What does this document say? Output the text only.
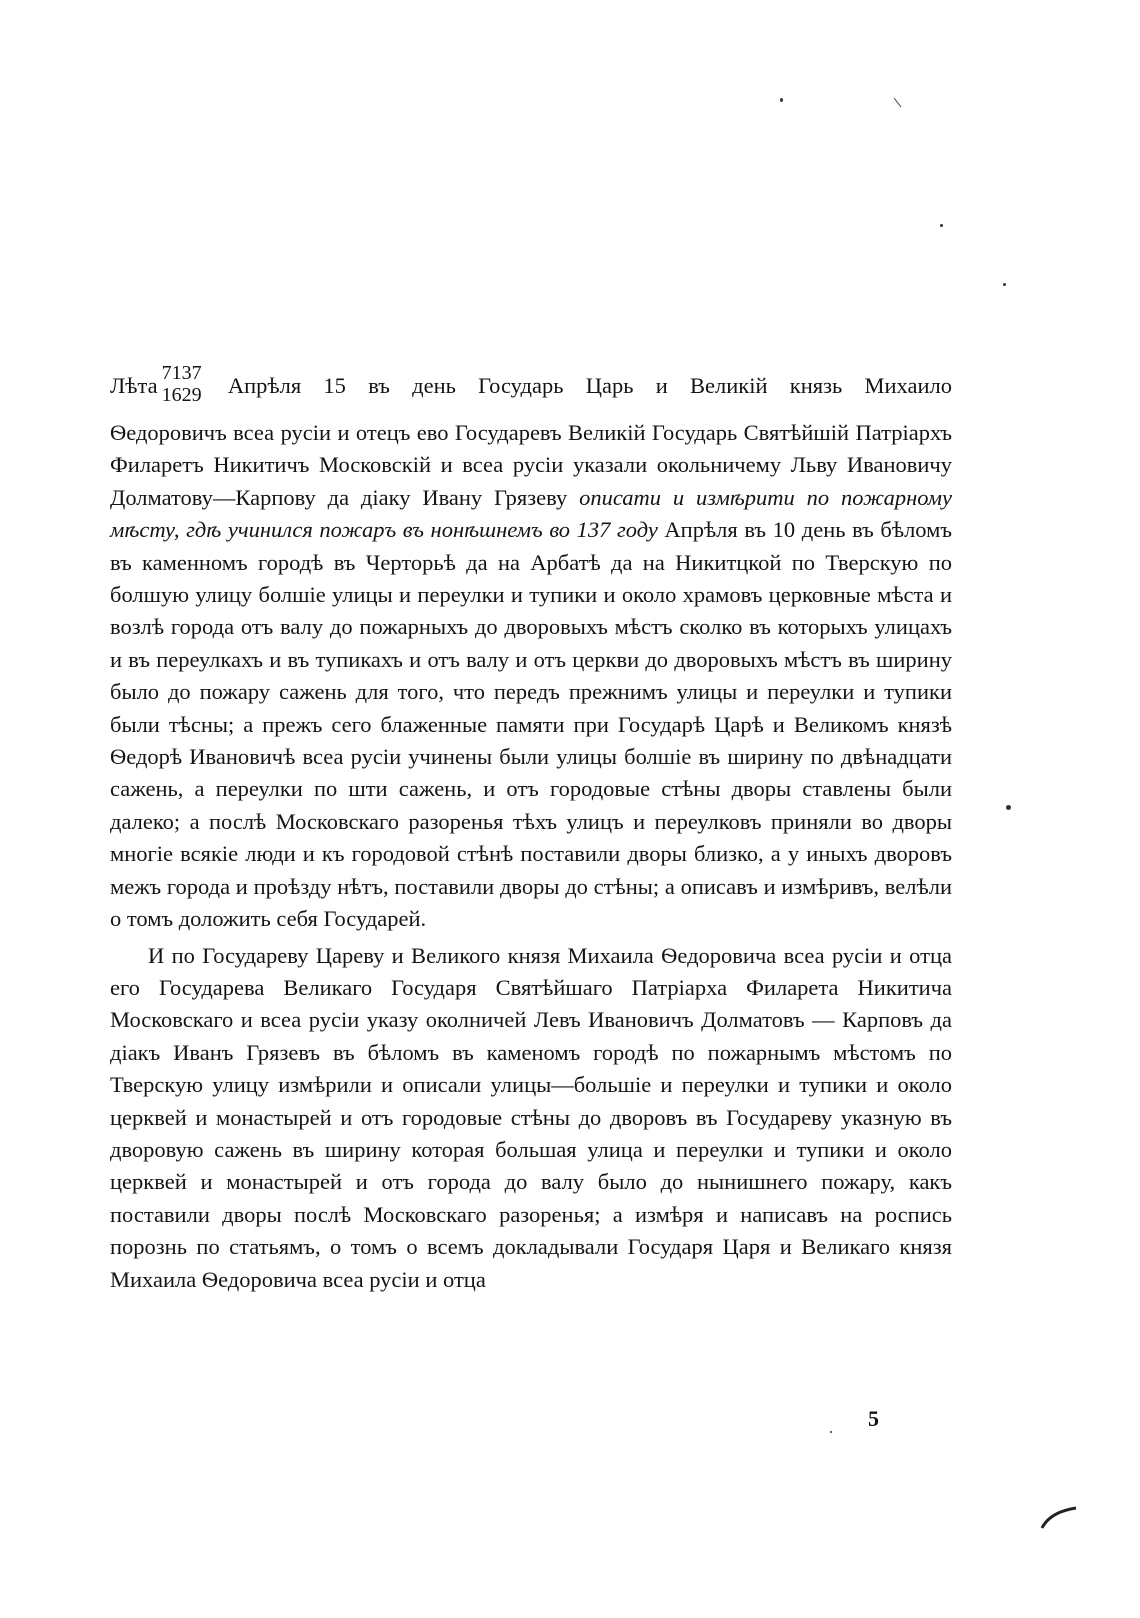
Лѣта
7137
1629 Апрѣля 15 въ день Государь Царь и Великій князь Михаило
Ѳедоровичъ всеа русіи и отецъ ево Государевъ Великій Государь Святѣйшій Патріархъ Филаретъ Никитичъ Московскій и всеа русіи указали окольничему Льву Ивановичу Долматову—Карпову да діаку Ивану Грязеву описати и измѣрити по пожарному мѣсту, гдѣ учинился пожаръ въ нонѣшнемъ во 137 году Апрѣля въ 10 день въ бѣломъ въ каменномъ городѣ въ Черторьѣ да на Арбатѣ да на Никитцкой по Тверскую по болшую улицу болшіе улицы и переулки и тупики и около храмовъ церковные мѣста и возлѣ города отъ валу до пожарныхъ до дворовыхъ мѣстъ сколко въ которыхъ улицахъ и въ переулкахъ и въ тупикахъ и отъ валу и отъ церкви до дворовыхъ мѣстъ въ ширину было до пожару сажень для того, что передъ прежнимъ улицы и переулки и тупики были тѣсны; а прежъ сего блаженные памяти при Государѣ Царѣ и Великомъ князѣ Ѳедорѣ Ивановичѣ всеа русіи учинены были улицы болшіе въ ширину по двѣнадцати сажень, а переулки по шти сажень, и отъ городовые стѣны дворы ставлены были далеко; а послѣ Московскаго разоренья тѣхъ улицъ и переулковъ приняли во дворы многіе всякіе люди и къ городовой стѣнѣ поставили дворы близко, а у иныхъ дворовъ межъ города и проѣзду нѣтъ, поставили дворы до стѣны; а описавъ и измѣривъ, велѣли о томъ доложить себя Государей.

И по Государеву Цареву и Великого князя Михаила Ѳедоровича всеа русіи и отца его Государева Великаго Государя Святѣйшаго Патріарха Филарета Никитича Московскаго и всеа русіи указу околничей Левъ Ивановичъ Долматовъ — Карповъ да діакъ Иванъ Грязевъ въ бѣломъ въ каменомъ городѣ по пожарнымъ мѣстомъ по Тверскую улицу измѣрили и описали улицы—большіе и переулки и тупики и около церквей и монастырей и отъ городовые стѣны до дворовъ въ Государеву указную въ дворовую сажень въ ширину которая большая улица и переулки и тупики и около церквей и монастырей и отъ города до валу было до нынишнего пожару, какъ поставили дворы послѣ Московскаго разоренья; а измѣря и написавъ на роспись порознь по статьямъ, о томъ о всемъ докладывали Государя Царя и Великаго князя Михаила Ѳедоровича всеа русіи и отца

5
